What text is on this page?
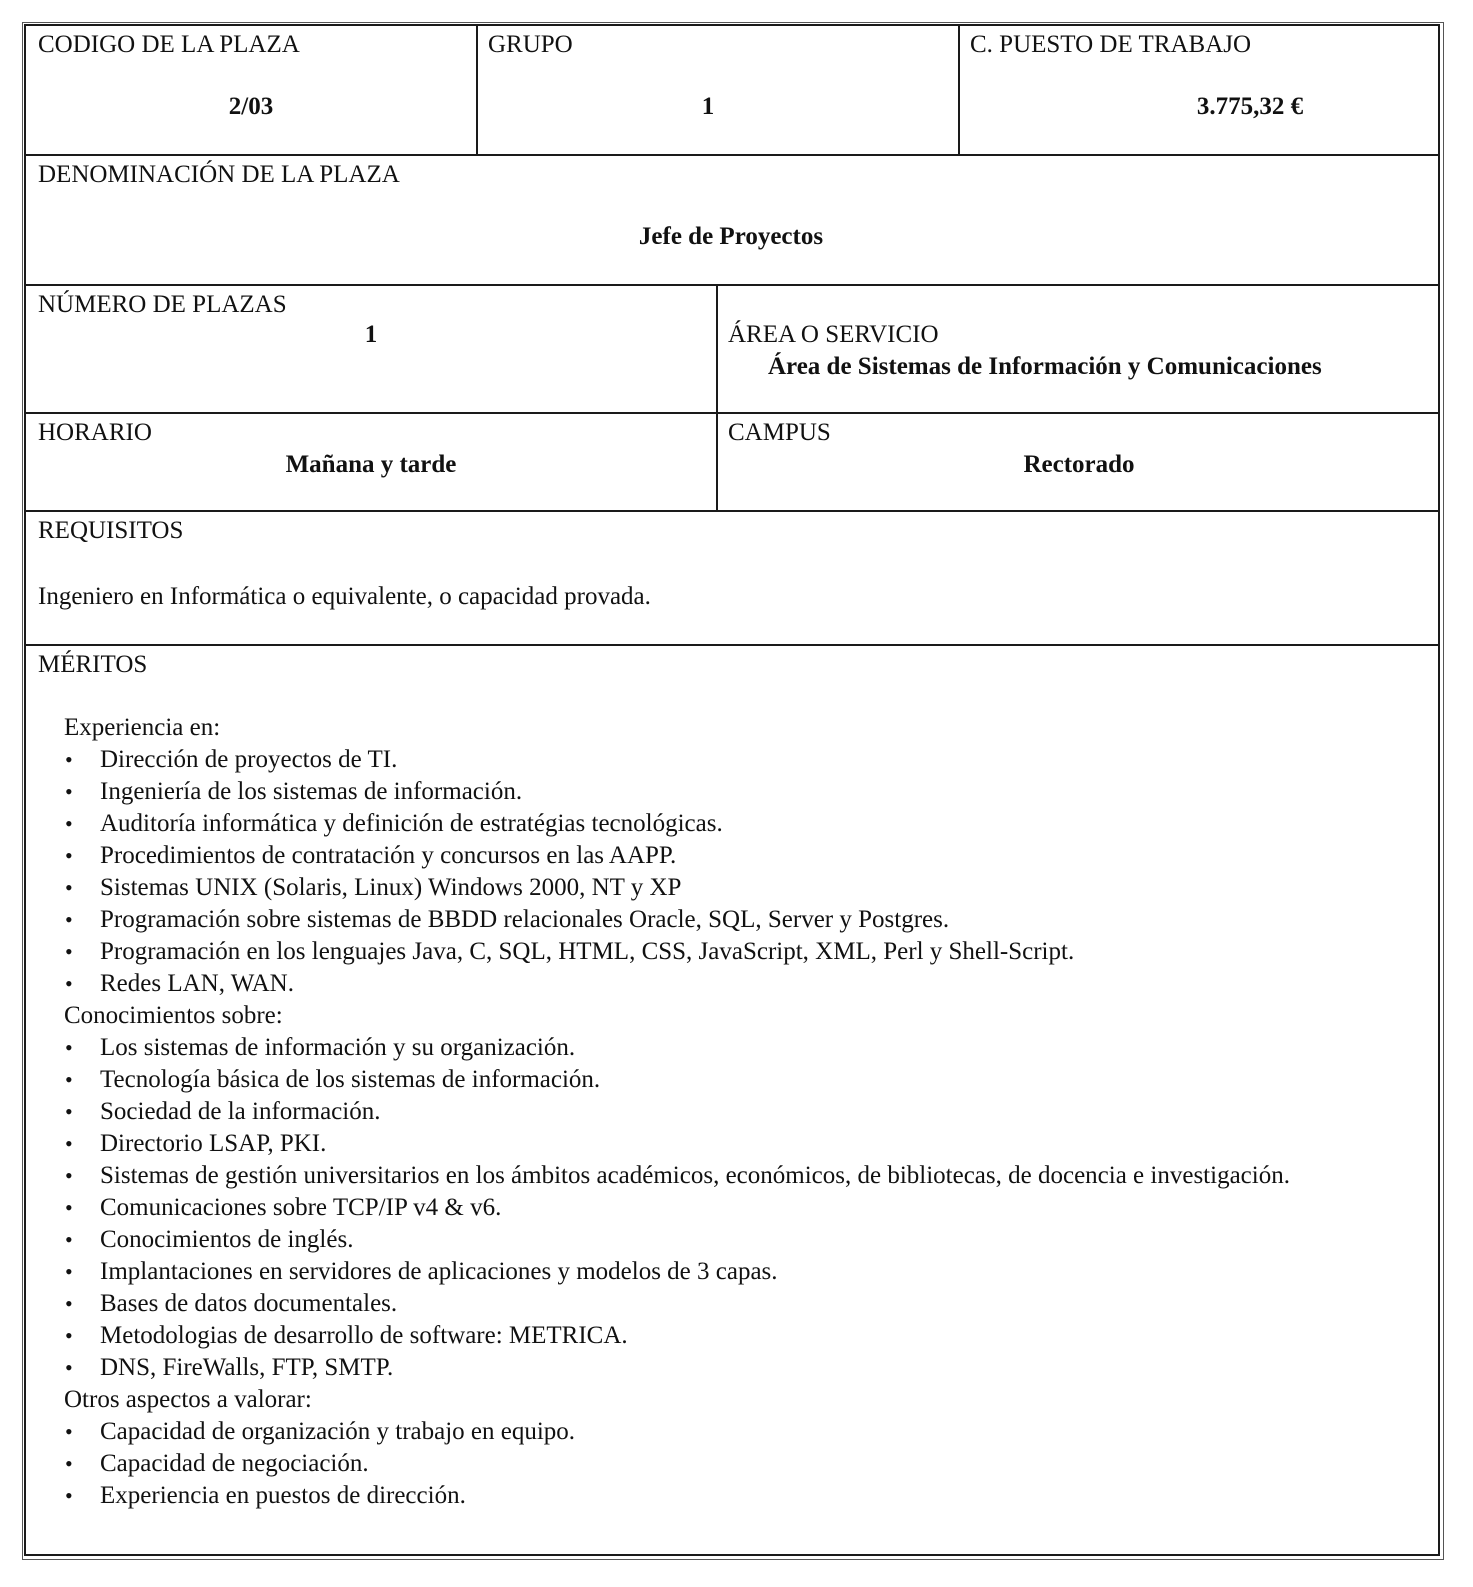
CODIGO DE LA PLAZA
2/03
GRUPO
1
C. PUESTO DE TRABAJO
3.775,32 €
DENOMINACIÓN DE LA PLAZA
Jefe de Proyectos
NÚMERO DE PLAZAS
1	ÁREA O SERVICIO
Área de Sistemas de Información y Comunicaciones
HORARIO
Mañana y tarde
CAMPUS
Rectorado
REQUISITOS
Ingeniero en Informática o equivalente, o capacidad provada.
MÉRITOS
Experiencia en:
• Dirección de proyectos de TI.
• Ingeniería de los sistemas de información.
• Auditoría informática y definición de estratégias tecnológicas.
• Procedimientos de contratación y concursos en las AAPP.
• Sistemas UNIX (Solaris, Linux) Windows 2000, NT y XP
• Programación sobre sistemas de BBDD relacionales Oracle, SQL, Server y Postgres.
• Programación en los lenguajes Java, C, SQL, HTML, CSS, JavaScript, XML, Perl y Shell-Script.
• Redes LAN, WAN.
Conocimientos sobre:
• Los sistemas de información y su organización.
• Tecnología básica de los sistemas de información.
• Sociedad de la información.
• Directorio LSAP, PKI.
• Sistemas de gestión universitarios en los ámbitos académicos, económicos, de bibliotecas, de docencia e investigación.
• Comunicaciones sobre TCP/IP v4 & v6.
• Conocimientos de inglés.
• Implantaciones en servidores de aplicaciones y modelos de 3 capas.
• Bases de datos documentales.
• Metodologias de desarrollo de software: METRICA.
• DNS, FireWalls, FTP, SMTP.
Otros aspectos a valorar:
• Capacidad de organización y trabajo en equipo.
• Capacidad de negociación.
• Experiencia en puestos de dirección.
